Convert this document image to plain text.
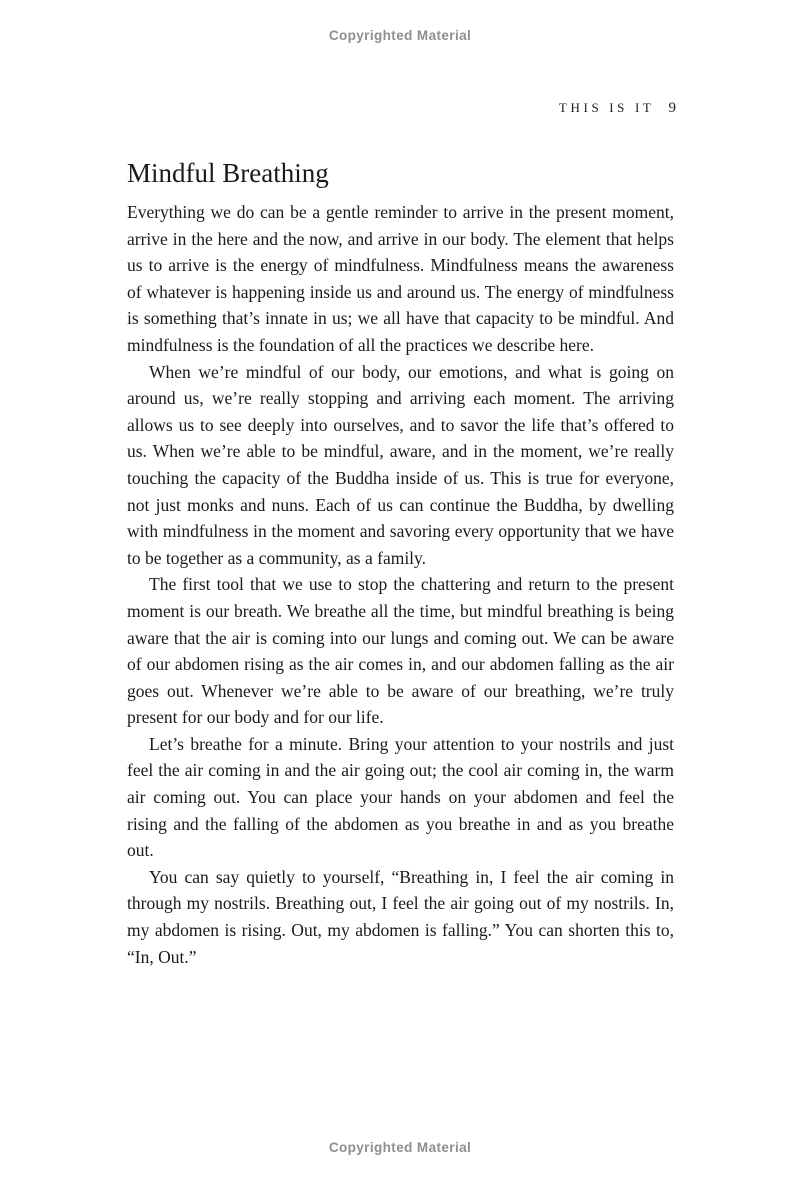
Copyrighted Material
THIS IS IT 9
Mindful Breathing

Everything we do can be a gentle reminder to arrive in the present moment, arrive in the here and the now, and arrive in our body. The element that helps us to arrive is the energy of mindfulness. Mindfulness means the awareness of whatever is happening inside us and around us. The energy of mindfulness is something that’s innate in us; we all have that capacity to be mindful. And mindfulness is the foundation of all the practices we describe here.

When we’re mindful of our body, our emotions, and what is going on around us, we’re really stopping and arriving each moment. The arriving allows us to see deeply into ourselves, and to savor the life that’s offered to us. When we’re able to be mindful, aware, and in the moment, we’re really touching the capacity of the Buddha inside of us. This is true for everyone, not just monks and nuns. Each of us can continue the Buddha, by dwelling with mindfulness in the moment and savoring every opportunity that we have to be together as a community, as a family.

The first tool that we use to stop the chattering and return to the present moment is our breath. We breathe all the time, but mindful breathing is being aware that the air is coming into our lungs and coming out. We can be aware of our abdomen rising as the air comes in, and our abdomen falling as the air goes out. Whenever we’re able to be aware of our breathing, we’re truly present for our body and for our life.

Let’s breathe for a minute. Bring your attention to your nostrils and just feel the air coming in and the air going out; the cool air coming in, the warm air coming out. You can place your hands on your abdomen and feel the rising and the falling of the abdomen as you breathe in and as you breathe out.

You can say quietly to yourself, “Breathing in, I feel the air coming in through my nostrils. Breathing out, I feel the air going out of my nostrils. In, my abdomen is rising. Out, my abdomen is falling.” You can shorten this to, “In, Out.”

Copyrighted Material
